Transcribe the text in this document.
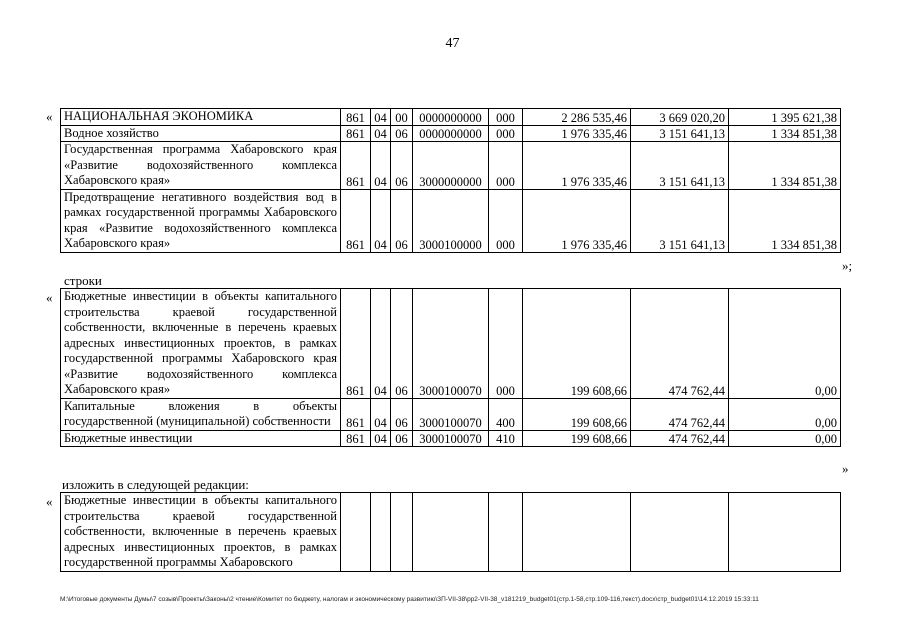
47
«
»;
строки
«
»
изложить в следующей редакции:
«
НАЦИОНАЛЬНАЯ ЭКОНОМИКА	861	04	00	0000000000	000	2 286 535,46	3 669 020,20	1 395 621,38
Водное хозяйство	861	04	06	0000000000	000	1 976 335,46	3 151 641,13	1 334 851,38
Государственная программа Хабаровского края «Развитие водохозяйственного комплекса Хабаровского края»	861	04	06	3000000000	000	1 976 335,46	3 151 641,13	1 334 851,38
Предотвращение негативного воздействия вод в рамках государственной программы Хабаровского края «Развитие водохозяйственного комплекса Хабаровского края»	861	04	06	3000100000	000	1 976 335,46	3 151 641,13	1 334 851,38
Бюджетные инвестиции в объекты капитального строительства краевой государственной собственности, включенные в перечень краевых адресных инвестиционных проектов, в рамках государственной программы Хабаровского края «Развитие водохозяйственного комплекса Хабаровского края»	861	04	06	3000100070	000	199 608,66	474 762,44	0,00
Капитальные вложения в объекты государственной (муниципальной) собственности	861	04	06	3000100070	400	199 608,66	474 762,44	0,00
Бюджетные инвестиции	861	04	06	3000100070	410	199 608,66	474 762,44	0,00
Бюджетные инвестиции в объекты капитального строительства краевой государственной собственности, включенные в перечень краевых адресных инвестиционных проектов, в рамках государственной программы Хабаровского								
M:\Итоговые документы Думы\7 созыв\Проекты\Законы\2 чтение\Комитет по бюджету, налогам и экономическому развитию\ЗП-VII-38\рр2-VII-38_v181219_budget01(стр.1-58,стр.109-116,текст).docx\стр_budget01\14.12.2019 15:33:11
